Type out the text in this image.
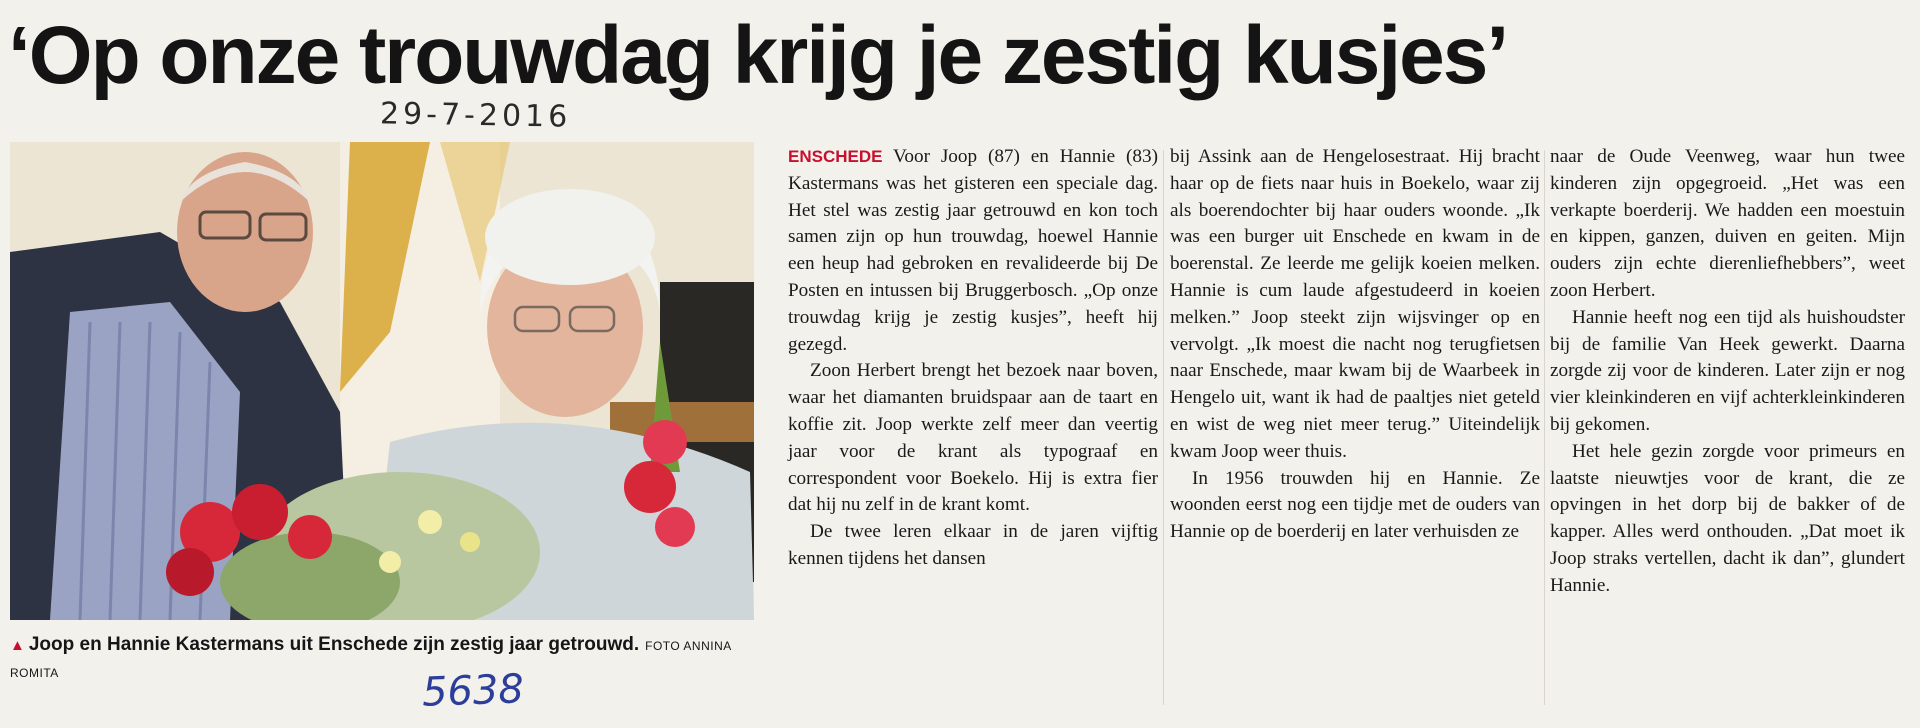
‘Op onze trouwdag krijg je zestig kusjes’
29-7-2016
▲ Joop en Hannie Kastermans uit Enschede zijn zestig jaar getrouwd. FOTO ANNINA ROMITA	5638

ENSCHEDE Voor Joop (87) en Hannie (83) Kastermans was het gisteren een speciale dag. Het stel was zestig jaar getrouwd en kon toch samen zijn op hun trouwdag, hoewel Hannie een heup had gebroken en revalideerde bij De Posten en intussen bij Bruggerbosch. „Op onze trouwdag krijg je zestig kusjes”, heeft hij gezegd.

Zoon Herbert brengt het bezoek naar boven, waar het diamanten bruidspaar aan de taart en koffie zit. Joop werkte zelf meer dan veertig jaar voor de krant als typograaf en correspondent voor Boekelo. Hij is extra fier dat hij nu zelf in de krant komt.

De twee leren elkaar in de jaren vijftig kennen tijdens het dansen

bij Assink aan de Hengelosestraat. Hij bracht haar op de fiets naar huis in Boekelo, waar zij als boerendochter bij haar ouders woonde. „Ik was een burger uit Enschede en kwam in de boerenstal. Ze leerde me gelijk koeien melken. Hannie is cum laude afgestudeerd in koeien melken.” Joop steekt zijn wijsvinger op en vervolgt. „Ik moest die nacht nog terugfietsen naar Enschede, maar kwam bij de Waarbeek in Hengelo uit, want ik had de paaltjes niet geteld en wist de weg niet meer terug.” Uiteindelijk kwam Joop weer thuis.

In 1956 trouwden hij en Hannie. Ze woonden eerst nog een tijdje met de ouders van Hannie op de boerderij en later verhuisden ze

naar de Oude Veenweg, waar hun twee kinderen zijn opgegroeid. „Het was een verkapte boerderij. We hadden een moestuin en kippen, ganzen, duiven en geiten. Mijn ouders zijn echte dierenliefhebbers”, weet zoon Herbert.

Hannie heeft nog een tijd als huishoudster bij de familie Van Heek gewerkt. Daarna zorgde zij voor de kinderen. Later zijn er nog vier kleinkinderen en vijf achterkleinkinderen bij gekomen.

Het hele gezin zorgde voor primeurs en laatste nieuwtjes voor de krant, die ze opvingen in het dorp bij de bakker of de kapper. Alles werd onthouden. „Dat moet ik Joop straks vertellen, dacht ik dan”, glundert Hannie.
